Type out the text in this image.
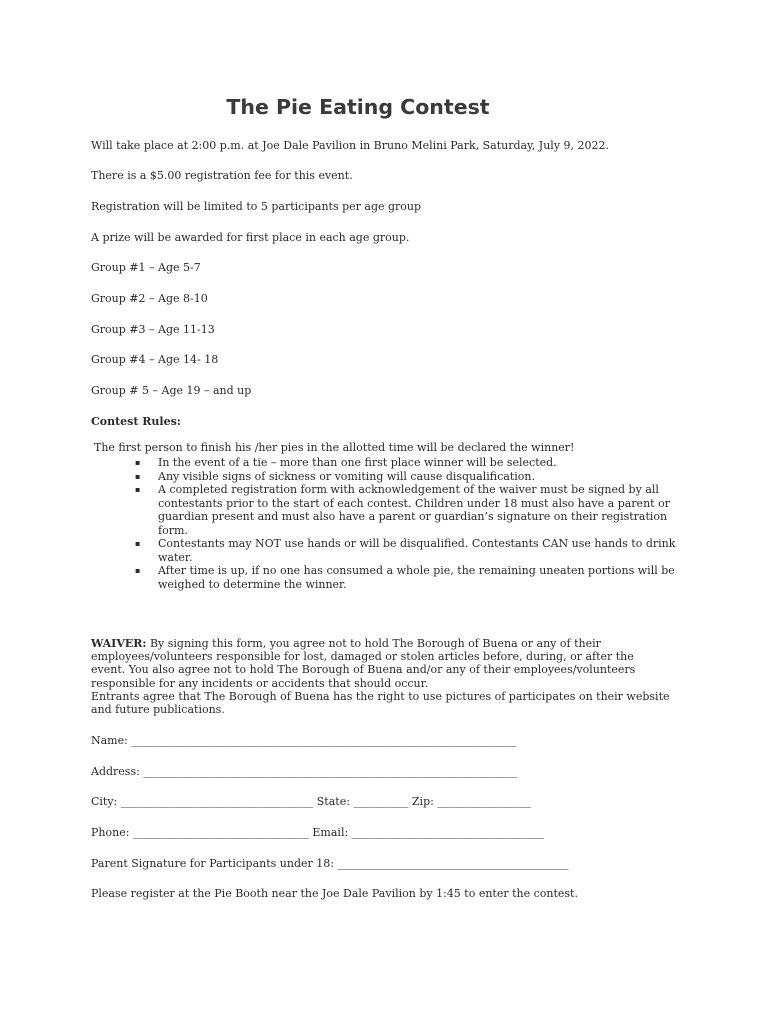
The Pie Eating Contest

Will take place at 2:00 p.m. at Joe Dale Pavilion in Bruno Melini Park, Saturday, July 9, 2022.

There is a $5.00 registration fee for this event.

Registration will be limited to 5 participants per age group

A prize will be awarded for first place in each age group.

Group #1 – Age 5-7

Group #2 – Age 8-10

Group #3 – Age 11-13

Group #4 – Age 14- 18

Group # 5 – Age 19 – and up

Contest Rules:

The first person to finish his /her pies in the allotted time will be declared the winner!

▪ In the event of a tie – more than one first place winner will be selected.
▪ Any visible signs of sickness or vomiting will cause disqualification.
▪ A completed registration form with acknowledgement of the waiver must be signed by all contestants prior to the start of each contest. Children under 18 must also have a parent or guardian present and must also have a parent or guardian’s signature on their registration form.
▪ Contestants may NOT use hands or will be disqualified. Contestants CAN use hands to drink water.
▪ After time is up, if no one has consumed a whole pie, the remaining uneaten portions will be weighed to determine the winner.

WAIVER: By signing this form, you agree not to hold The Borough of Buena or any of their employees/volunteers responsible for lost, damaged or stolen articles before, during, or after the event. You also agree not to hold The Borough of Buena and/or any of their employees/volunteers responsible for any incidents or accidents that should occur.

Entrants agree that The Borough of Buena has the right to use pictures of participates on their website and future publications.

Name: ______________________________________________________________________

Address: ____________________________________________________________________

City: ___________________________________ State: __________ Zip: _________________

Phone: ________________________________ Email: ___________________________________

Parent Signature for Participants under 18: __________________________________________

Please register at the Pie Booth near the Joe Dale Pavilion by 1:45 to enter the contest.
